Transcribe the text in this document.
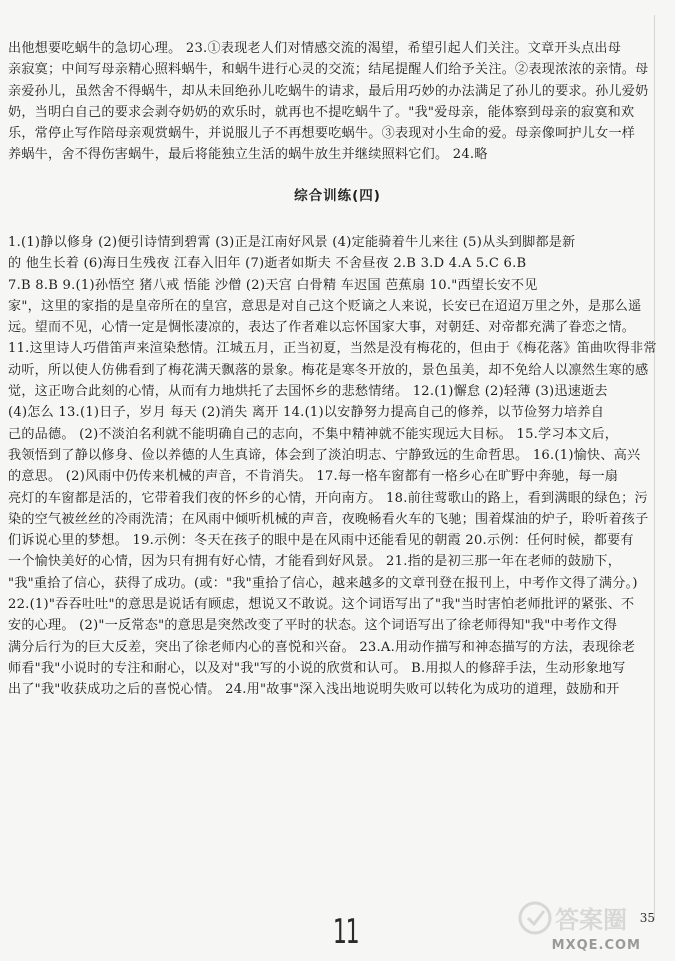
出他想要吃蜗牛的急切心理。 23.①表现老人们对情感交流的渴望，希望引起人们关注。文章开头点出母
亲寂寞；中间写母亲精心照料蜗牛，和蜗牛进行心灵的交流；结尾提醒人们给予关注。②表现浓浓的亲情。母
亲爱孙儿，虽然舍不得蜗牛，却从未回绝孙儿吃蜗牛的请求，最后用巧妙的办法满足了孙儿的要求。孙儿爱奶
奶，当明白自己的要求会剥夺奶奶的欢乐时，就再也不提吃蜗牛了。"我"爱母亲，能体察到母亲的寂寞和欢
乐，常停止写作陪母亲观赏蜗牛，并说服儿子不再想要吃蜗牛。③表现对小生命的爱。母亲像呵护儿女一样
养蜗牛，舍不得伤害蜗牛，最后将能独立生活的蜗牛放生并继续照料它们。 24.略
综合训练(四)
1.(1)静以修身 (2)便引诗情到碧霄 (3)正是江南好风景 (4)定能骑着牛儿来往 (5)从头到脚都是新
的 他生长着 (6)海日生残夜 江春入旧年 (7)逝者如斯夫 不舍昼夜 2.B 3.D 4.A 5.C 6.B
7.B 8.B 9.(1)孙悟空 猪八戒 悟能 沙僧 (2)天宫 白骨精 车迟国 芭蕉扇 10."西望长安不见
家"，这里的家指的是皇帝所在的皇宫，意思是对自己这个贬谪之人来说，长安已在迢迢万里之外，是那么遥
远。望而不见，心情一定是惆怅凄凉的，表达了作者难以忘怀国家大事，对朝廷、对帝都充满了眷恋之情。
11.这里诗人巧借笛声来渲染愁情。江城五月，正当初夏，当然是没有梅花的，但由于《梅花落》笛曲吹得非常
动听，所以使人仿佛看到了梅花满天飘落的景象。梅花是寒冬开放的，景色虽美，却不免给人以凛然生寒的感
觉，这正吻合此刻的心情，从而有力地烘托了去国怀乡的悲愁情绪。 12.(1)懈怠 (2)轻薄 (3)迅速逝去
(4)怎么 13.(1)日子，岁月 每天 (2)消失 离开 14.(1)以安静努力提高自己的修养，以节俭努力培养自
己的品德。 (2)不淡泊名利就不能明确自己的志向，不集中精神就不能实现远大目标。 15.学习本文后，
我领悟到了静以修身、俭以养德的人生真谛，体会到了淡泊明志、宁静致远的生命哲思。 16.(1)愉快、高兴
的意思。 (2)风雨中仍传来机械的声音，不肯消失。 17.每一格车窗都有一格乡心在旷野中奔驰，每一扇
亮灯的车窗都是活的，它带着我们夜的怀乡的心情，开向南方。 18.前往莺歌山的路上，看到满眼的绿色；污
染的空气被丝丝的冷雨洗清；在风雨中倾听机械的声音，夜晚畅看火车的飞驰；围着煤油的炉子，聆听着孩子
们诉说心里的梦想。 19.示例：冬天在孩子的眼中是在风雨中还能看见的朝霞 20.示例：任何时候，都要有
一个愉快美好的心情，因为只有拥有好心情，才能看到好风景。 21.指的是初三那一年在老师的鼓励下，
"我"重拾了信心，获得了成功。(或："我"重拾了信心，越来越多的文章刊登在报刊上，中考作文得了满分。)
22.(1)"吞吞吐吐"的意思是说话有顾虑，想说又不敢说。这个词语写出了"我"当时害怕老师批评的紧张、不
安的心理。 (2)"一反常态"的意思是突然改变了平时的状态。这个词语写出了徐老师得知"我"中考作文得
满分后行为的巨大反差，突出了徐老师内心的喜悦和兴奋。 23.A.用动作描写和神态描写的方法，表现徐老
师看"我"小说时的专注和耐心，以及对"我"写的小说的欣赏和认可。 B.用拟人的修辞手法，生动形象地写
出了"我"收获成功之后的喜悦心情。 24.用"故事"深入浅出地说明失败可以转化为成功的道理，鼓励和开
11	答案圈
MXQE.COM
35
